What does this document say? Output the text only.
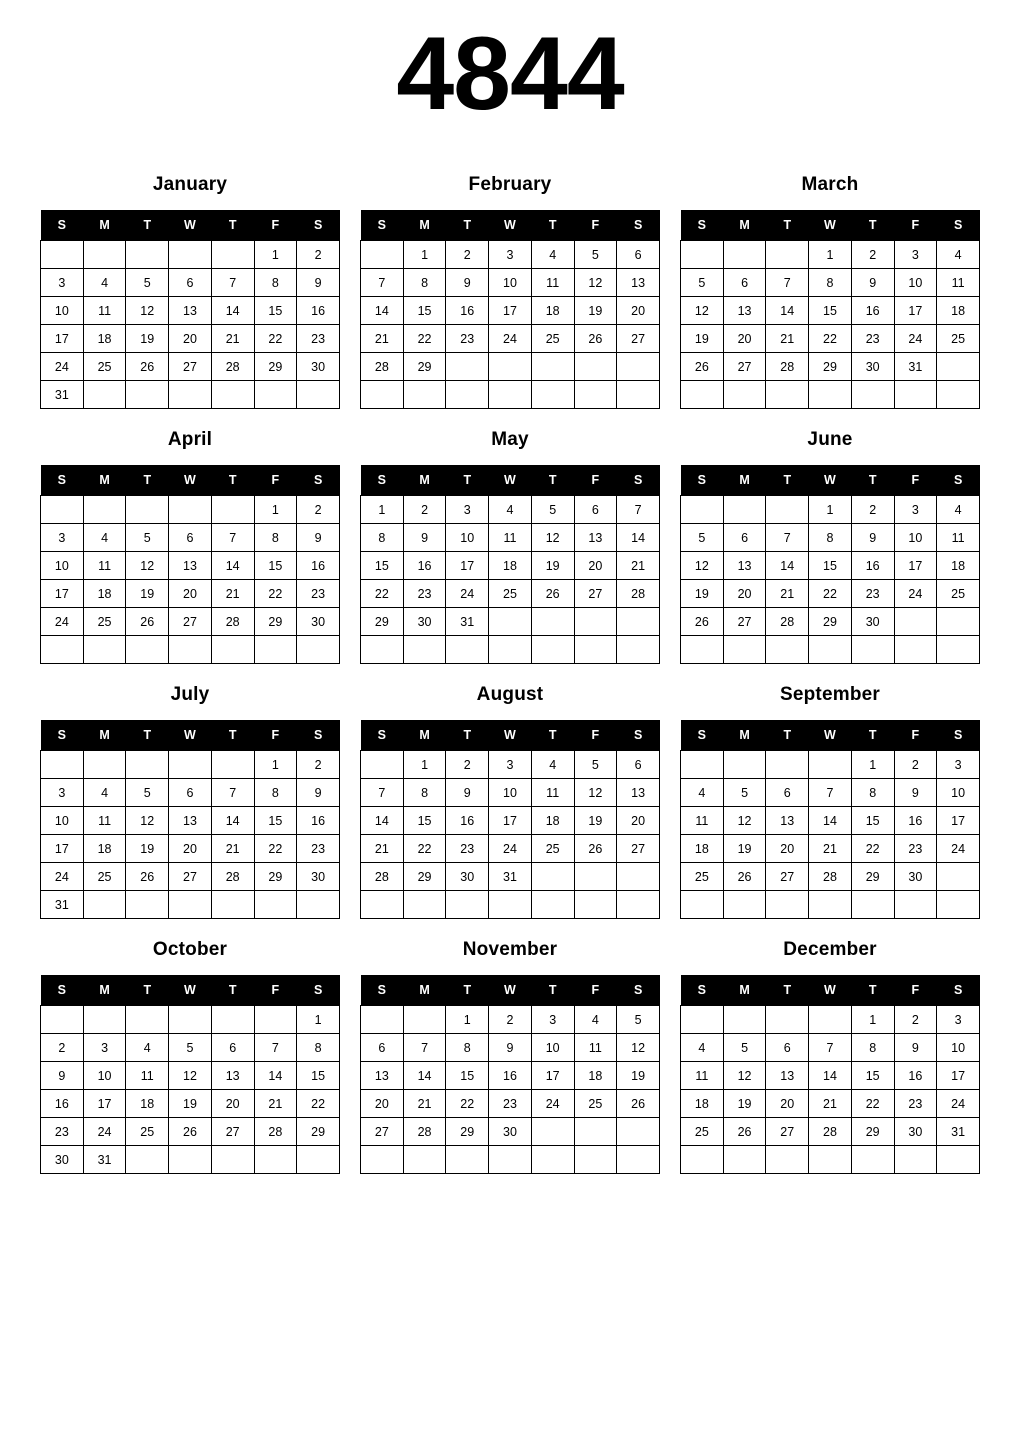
4844
January
S	M	T	W	T	F	S
					1	2
3	4	5	6	7	8	9
10	11	12	13	14	15	16
17	18	19	20	21	22	23
24	25	26	27	28	29	30
31						
February
S	M	T	W	T	F	S
	1	2	3	4	5	6
7	8	9	10	11	12	13
14	15	16	17	18	19	20
21	22	23	24	25	26	27
28	29					

March
S	M	T	W	T	F	S
			1	2	3	4
5	6	7	8	9	10	11
12	13	14	15	16	17	18
19	20	21	22	23	24	25
26	27	28	29	30	31	

April
S	M	T	W	T	F	S
					1	2
3	4	5	6	7	8	9
10	11	12	13	14	15	16
17	18	19	20	21	22	23
24	25	26	27	28	29	30

May
S	M	T	W	T	F	S
1	2	3	4	5	6	7
8	9	10	11	12	13	14
15	16	17	18	19	20	21
22	23	24	25	26	27	28
29	30	31				

June
S	M	T	W	T	F	S
			1	2	3	4
5	6	7	8	9	10	11
12	13	14	15	16	17	18
19	20	21	22	23	24	25
26	27	28	29	30		

July
S	M	T	W	T	F	S
					1	2
3	4	5	6	7	8	9
10	11	12	13	14	15	16
17	18	19	20	21	22	23
24	25	26	27	28	29	30
31						
August
S	M	T	W	T	F	S
	1	2	3	4	5	6
7	8	9	10	11	12	13
14	15	16	17	18	19	20
21	22	23	24	25	26	27
28	29	30	31			

September
S	M	T	W	T	F	S
				1	2	3
4	5	6	7	8	9	10
11	12	13	14	15	16	17
18	19	20	21	22	23	24
25	26	27	28	29	30	

October
S	M	T	W	T	F	S
						1
2	3	4	5	6	7	8
9	10	11	12	13	14	15
16	17	18	19	20	21	22
23	24	25	26	27	28	29
30	31					
November
S	M	T	W	T	F	S
		1	2	3	4	5
6	7	8	9	10	11	12
13	14	15	16	17	18	19
20	21	22	23	24	25	26
27	28	29	30			

December
S	M	T	W	T	F	S
				1	2	3
4	5	6	7	8	9	10
11	12	13	14	15	16	17
18	19	20	21	22	23	24
25	26	27	28	29	30	31
